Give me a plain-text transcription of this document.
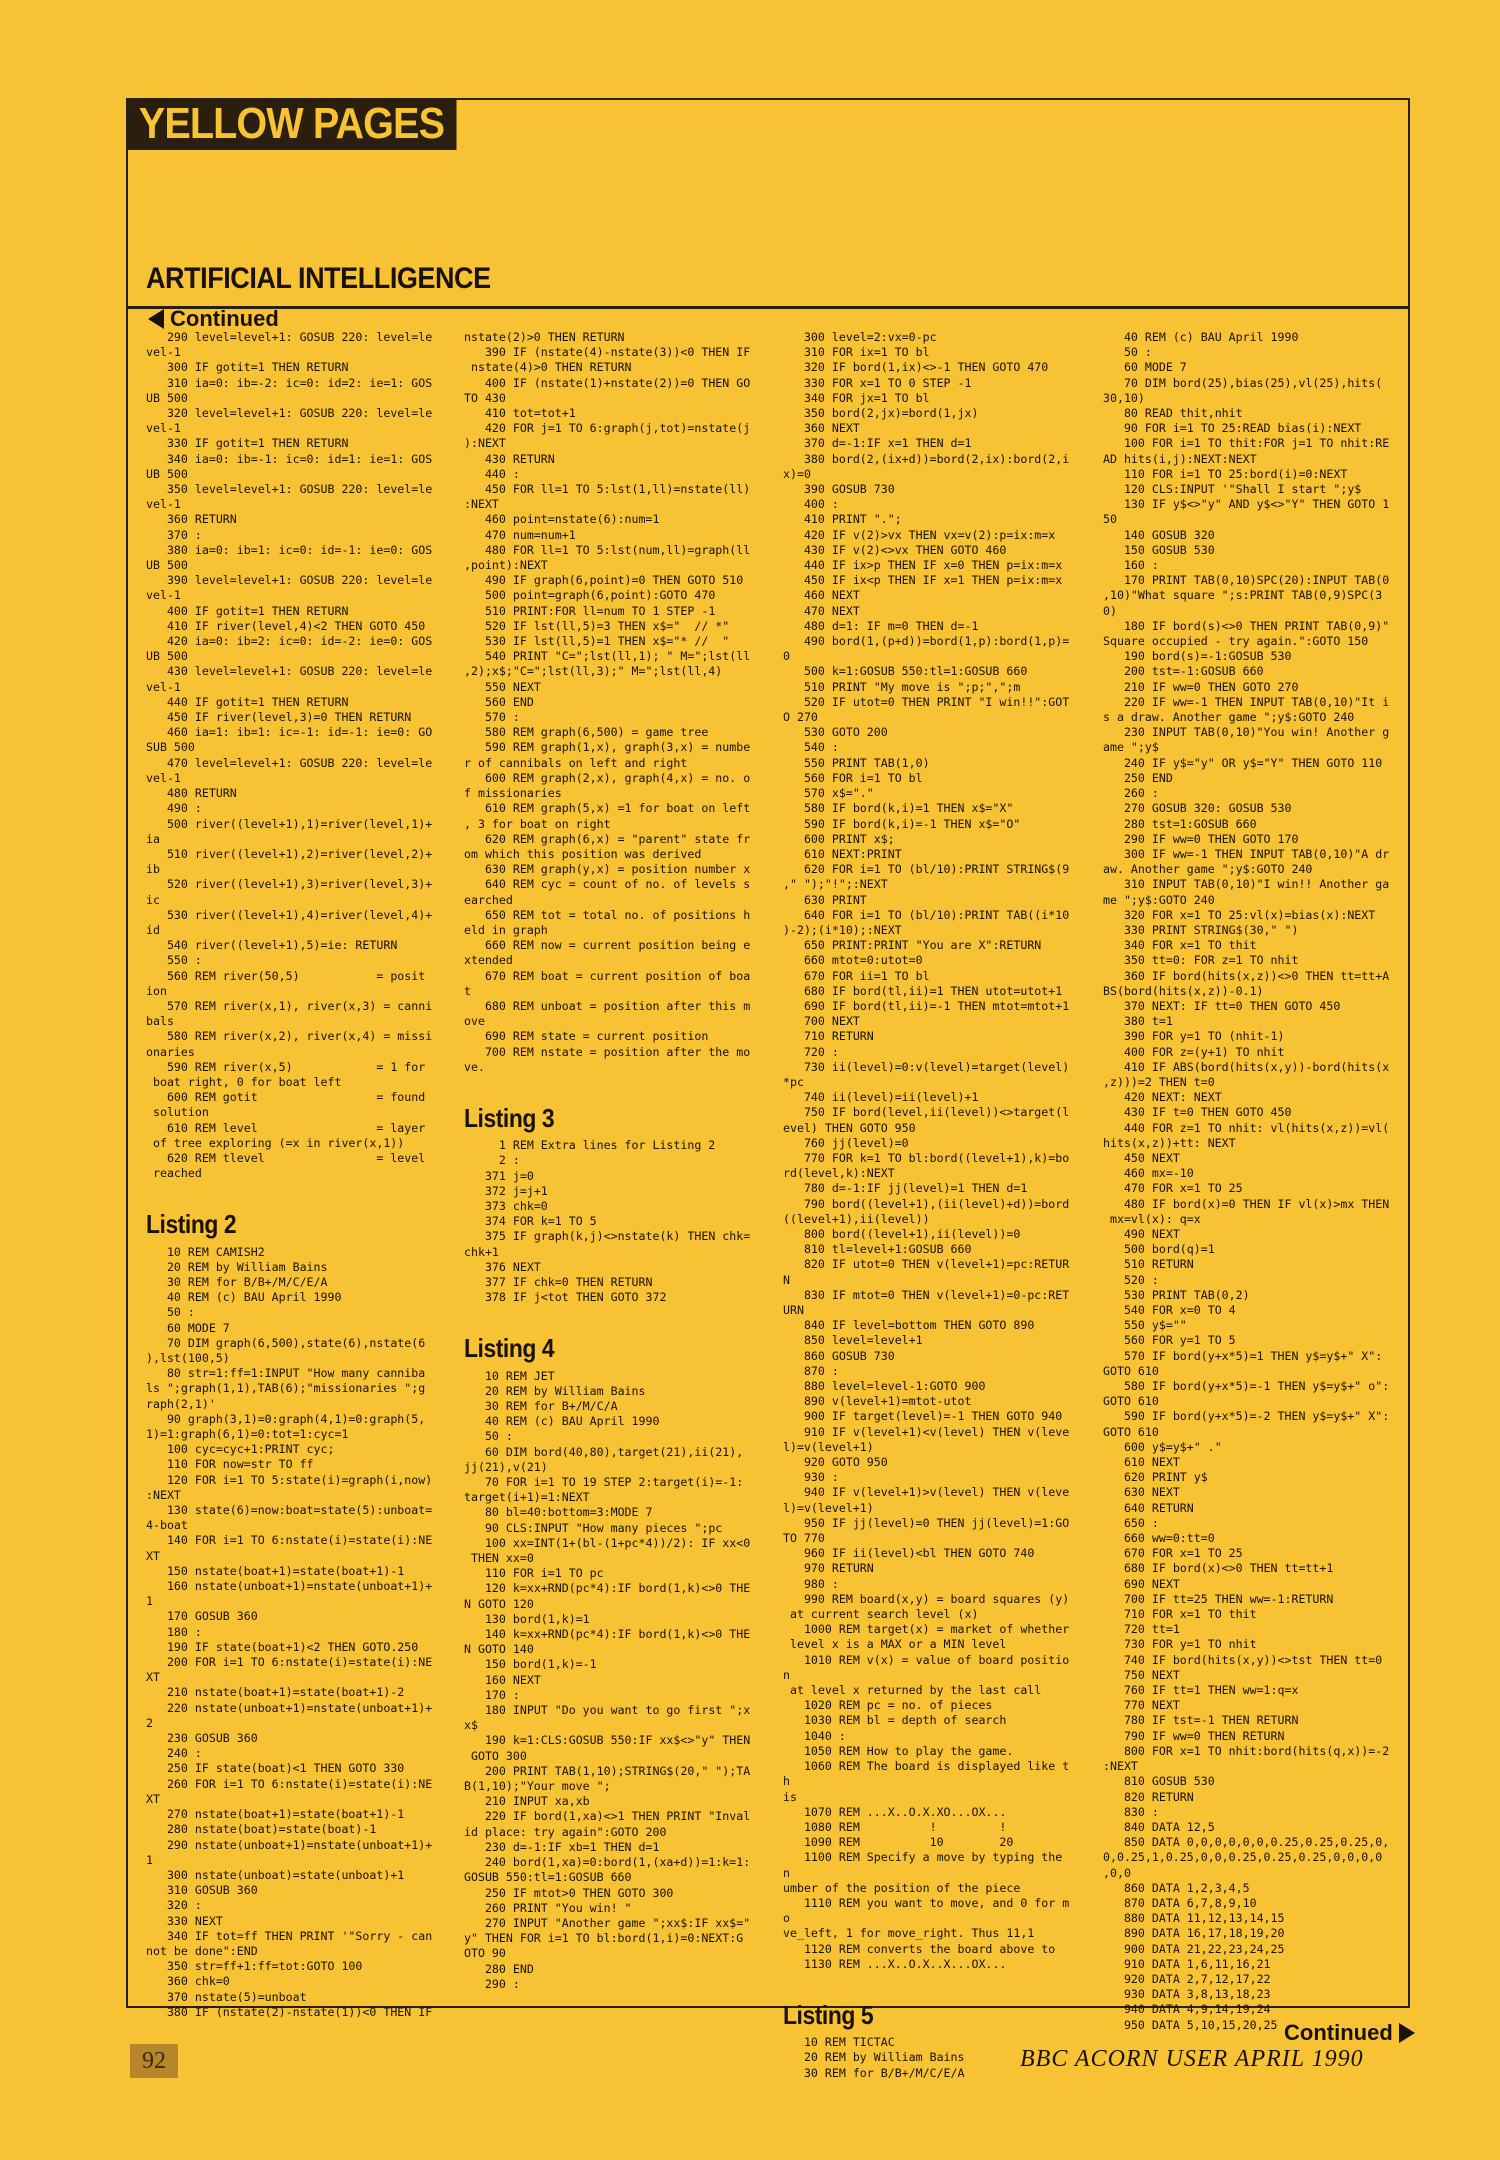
YELLOW PAGES
ARTIFICIAL INTELLIGENCE
Continued
290 level=level+1: GOSUB 220: level=le
vel-1
300 IF gotit=1 THEN RETURN
310 ia=0: ib=-2: ic=0: id=2: ie=1: GOS
UB 500
320 level=level+1: GOSUB 220: level=le
vel-1
330 IF gotit=1 THEN RETURN
340 ia=0: ib=-1: ic=0: id=1: ie=1: GOS
UB 500
350 level=level+1: GOSUB 220: level=le
vel-1
360 RETURN
370 :
380 ia=0: ib=1: ic=0: id=-1: ie=0: GOS
UB 500
390 level=level+1: GOSUB 220: level=le
vel-1
400 IF gotit=1 THEN RETURN
410 IF river(level,4)<2 THEN GOTO 450
420 ia=0: ib=2: ic=0: id=-2: ie=0: GOS
UB 500
430 level=level+1: GOSUB 220: level=le
vel-1
440 IF gotit=1 THEN RETURN
450 IF river(level,3)=0 THEN RETURN
460 ia=1: ib=1: ic=-1: id=-1: ie=0: GO
SUB 500
470 level=level+1: GOSUB 220: level=le
vel-1
480 RETURN
490 :
500 river((level+1),1)=river(level,1)+
ia
510 river((level+1),2)=river(level,2)+
ib
520 river((level+1),3)=river(level,3)+
ic
530 river((level+1),4)=river(level,4)+
id
540 river((level+1),5)=ie: RETURN
550 :
560 REM river(50,5)           = posit
ion
570 REM river(x,1), river(x,3) = canni
bals
580 REM river(x,2), river(x,4) = missi
onaries
590 REM river(x,5)            = 1 for
boat right, 0 for boat left
600 REM gotit                 = found
solution
610 REM level                 = layer
of tree exploring (=x in river(x,1))
620 REM tlevel                = level
reached
Listing 2
10 REM CAMISH2
20 REM by William Bains
30 REM for B/B+/M/C/E/A
40 REM (c) BAU April 1990
50 :
60 MODE 7
70 DIM graph(6,500),state(6),nstate(6
),lst(100,5)
80 str=1:ff=1:INPUT "How many canniba
ls ";graph(1,1),TAB(6);"missionaries ";g
raph(2,1)'
90 graph(3,1)=0:graph(4,1)=0:graph(5,
1)=1:graph(6,1)=0:tot=1:cyc=1
100 cyc=cyc+1:PRINT cyc;
110 FOR now=str TO ff
120 FOR i=1 TO 5:state(i)=graph(i,now)
:NEXT
130 state(6)=now:boat=state(5):unboat=
4-boat
140 FOR i=1 TO 6:nstate(i)=state(i):NE
XT
150 nstate(boat+1)=state(boat+1)-1
160 nstate(unboat+1)=nstate(unboat+1)+
1
170 GOSUB 360
180 :
190 IF state(boat+1)<2 THEN GOTO.250
200 FOR i=1 TO 6:nstate(i)=state(i):NE
XT
210 nstate(boat+1)=state(boat+1)-2
220 nstate(unboat+1)=nstate(unboat+1)+2
230 GOSUB 360
240 :
250 IF state(boat)<1 THEN GOTO 330
260 FOR i=1 TO 6:nstate(i)=state(i):NE
XT
270 nstate(boat+1)=state(boat+1)-1
280 nstate(boat)=state(boat)-1
290 nstate(unboat+1)=nstate(unboat+1)+1
300 nstate(unboat)=state(unboat)+1
310 GOSUB 360
320 :
330 NEXT
340 IF tot=ff THEN PRINT '"Sorry - can
not be done":END
350 str=ff+1:ff=tot:GOTO 100
360 chk=0
370 nstate(5)=unboat
380 IF (nstate(2)-nstate(1))<0 THEN IF
nstate(2)>0 THEN RETURN
390 IF (nstate(4)-nstate(3))<0 THEN IF
nstate(4)>0 THEN RETURN
400 IF (nstate(1)+nstate(2))=0 THEN GO
TO 430
410 tot=tot+1
420 FOR j=1 TO 6:graph(j,tot)=nstate(j
):NEXT
430 RETURN
440 :
450 FOR ll=1 TO 5:lst(1,ll)=nstate(ll)
:NEXT
460 point=nstate(6):num=1
470 num=num+1
480 FOR ll=1 TO 5:lst(num,ll)=graph(ll
,point):NEXT
490 IF graph(6,point)=0 THEN GOTO 510
500 point=graph(6,point):GOTO 470
510 PRINT:FOR ll=num TO 1 STEP -1
520 IF lst(ll,5)=3 THEN x$="  // *"
530 IF lst(ll,5)=1 THEN x$="* //  "
540 PRINT "C=";lst(ll,1); " M=";lst(ll
,2);x$;"C=";lst(ll,3);" M=";lst(ll,4)
550 NEXT
560 END
570 :
580 REM graph(6,500) = game tree
590 REM graph(1,x), graph(3,x) = numbe
r of cannibals on left and right
600 REM graph(2,x), graph(4,x) = no. o
f missionaries
610 REM graph(5,x) =1 for boat on left
, 3 for boat on right
620 REM graph(6,x) = "parent" state fr
om which this position was derived
630 REM graph(y,x) = position number x
640 REM cyc = count of no. of levels s
earched
650 REM tot = total no. of positions h
eld in graph
660 REM now = current position being e
xtended
670 REM boat = current position of boa
t
680 REM unboat = position after this m
ove
690 REM state = current position
700 REM nstate = position after the mo
ve.
Listing 3
1 REM Extra lines for Listing 2
2 :
371 j=0
372 j=j+1
373 chk=0
374 FOR k=1 TO 5
375 IF graph(k,j)<>nstate(k) THEN chk=
chk+1
376 NEXT
377 IF chk=0 THEN RETURN
378 IF j<tot THEN GOTO 372
Listing 4
10 REM JET
20 REM by William Bains
30 REM for B+/M/C/A
40 REM (c) BAU April 1990
50 :
60 DIM bord(40,80),target(21),ii(21),
jj(21),v(21)
70 FOR i=1 TO 19 STEP 2:target(i)=-1:
target(i+1)=1:NEXT
80 bl=40:bottom=3:MODE 7
90 CLS:INPUT "How many pieces ";pc
100 xx=INT(1+(bl-(1+pc*4))/2): IF xx<0
THEN xx=0
110 FOR i=1 TO pc
120 k=xx+RND(pc*4):IF bord(1,k)<>0 THE
N GOTO 120
130 bord(1,k)=1
140 k=xx+RND(pc*4):IF bord(1,k)<>0 THE
N GOTO 140
150 bord(1,k)=-1
160 NEXT
170 :
180 INPUT "Do you want to go first ";x
x$
190 k=1:CLS:GOSUB 550:IF xx$<>"y" THEN
GOTO 300
200 PRINT TAB(1,10);STRING$(20," ");TA
B(1,10);"Your move ";
210 INPUT xa,xb
220 IF bord(1,xa)<>1 THEN PRINT "Inval
id place: try again":GOTO 200
230 d=-1:IF xb=1 THEN d=1
240 bord(1,xa)=0:bord(1,(xa+d))=1:k=1:
GOSUB 550:tl=1:GOSUB 660
250 IF mtot>0 THEN GOTO 300
260 PRINT "You win! "
270 INPUT "Another game ";xx$:IF xx$="
y" THEN FOR i=1 TO bl:bord(1,i)=0:NEXT:G
OTO 90
280 END
290 :
300 level=2:vx=0-pc
310 FOR ix=1 TO bl
320 IF bord(1,ix)<>-1 THEN GOTO 470
330 FOR x=1 TO 0 STEP -1
340 FOR jx=1 TO bl
350 bord(2,jx)=bord(1,jx)
360 NEXT
370 d=-1:IF x=1 THEN d=1
380 bord(2,(ix+d))=bord(2,ix):bord(2,i
x)=0
390 GOSUB 730
400 :
410 PRINT ".";
420 IF v(2)>vx THEN vx=v(2):p=ix:m=x
430 IF v(2)<>vx THEN GOTO 460
440 IF ix>p THEN IF x=0 THEN p=ix:m=x
450 IF ix<p THEN IF x=1 THEN p=ix:m=x
460 NEXT
470 NEXT
480 d=1: IF m=0 THEN d=-1
490 bord(1,(p+d))=bord(1,p):bord(1,p)=
0
500 k=1:GOSUB 550:tl=1:GOSUB 660
510 PRINT "My move is ";p;",";m
520 IF utot=0 THEN PRINT "I win!!":GOT
O 270
530 GOTO 200
540 :
550 PRINT TAB(1,0)
560 FOR i=1 TO bl
570 x$="."
580 IF bord(k,i)=1 THEN x$="X"
590 IF bord(k,i)=-1 THEN x$="O"
600 PRINT x$;
610 NEXT:PRINT
620 FOR i=1 TO (bl/10):PRINT STRING$(9
," ");"!";:NEXT
630 PRINT
640 FOR i=1 TO (bl/10):PRINT TAB((i*10
)-2);(i*10);:NEXT
650 PRINT:PRINT "You are X":RETURN
660 mtot=0:utot=0
670 FOR ii=1 TO bl
680 IF bord(tl,ii)=1 THEN utot=utot+1
690 IF bord(tl,ii)=-1 THEN mtot=mtot+1
700 NEXT
710 RETURN
720 :
730 ii(level)=0:v(level)=target(level)
*pc
740 ii(level)=ii(level)+1
750 IF bord(level,ii(level))<>target(l
evel) THEN GOTO 950
760 jj(level)=0
770 FOR k=1 TO bl:bord((level+1),k)=bo
rd(level,k):NEXT
780 d=-1:IF jj(level)=1 THEN d=1
790 bord((level+1),(ii(level)+d))=bord
((level+1),ii(level))
800 bord((level+1),ii(level))=0
810 tl=level+1:GOSUB 660
820 IF utot=0 THEN v(level+1)=pc:RETUR
N
830 IF mtot=0 THEN v(level+1)=0-pc:RET
URN
840 IF level=bottom THEN GOTO 890
850 level=level+1
860 GOSUB 730
870 :
880 level=level-1:GOTO 900
890 v(level+1)=mtot-utot
900 IF target(level)=-1 THEN GOTO 940
910 IF v(level+1)<v(level) THEN v(leve
l)=v(level+1)
920 GOTO 950
930 :
940 IF v(level+1)>v(level) THEN v(leve
l)=v(level+1)
950 IF jj(level)=0 THEN jj(level)=1:GO
TO 770
960 IF ii(level)<bl THEN GOTO 740
970 RETURN
980 :
990 REM board(x,y) = board squares (y)
at current search level (x)
1000 REM target(x) = market of whether
level x is a MAX or a MIN level
1010 REM v(x) = value of board position
at level x returned by the last call
1020 REM pc = no. of pieces
1030 REM bl = depth of search
1040 :
1050 REM How to play the game.
1060 REM The board is displayed like th
is
1070 REM ...X..O.X.XO...OX...
1080 REM          !         !
1090 REM          10        20
1100 REM Specify a move by typing the n
umber of the position of the piece
1110 REM you want to move, and 0 for mo
ve_left, 1 for move_right. Thus 11,1
1120 REM converts the board above to
1130 REM ...X..O.X..X...OX...
Listing 5
10 REM TICTAC
20 REM by William Bains
30 REM for B/B+/M/C/E/A
40 REM (c) BAU April 1990
50 :
60 MODE 7
70 DIM bord(25),bias(25),vl(25),hits(
30,10)
80 READ thit,nhit
90 FOR i=1 TO 25:READ bias(i):NEXT
100 FOR i=1 TO thit:FOR j=1 TO nhit:RE
AD hits(i,j):NEXT:NEXT
110 FOR i=1 TO 25:bord(i)=0:NEXT
120 CLS:INPUT '"Shall I start ";y$
130 IF y$<>"y" AND y$<>"Y" THEN GOTO 1
50
140 GOSUB 320
150 GOSUB 530
160 :
170 PRINT TAB(0,10)SPC(20):INPUT TAB(0
,10)"What square ";s:PRINT TAB(0,9)SPC(3
0)
180 IF bord(s)<>0 THEN PRINT TAB(0,9)"
Square occupied - try again.":GOTO 150
190 bord(s)=-1:GOSUB 530
200 tst=-1:GOSUB 660
210 IF ww=0 THEN GOTO 270
220 IF ww=-1 THEN INPUT TAB(0,10)"It i
s a draw. Another game ";y$:GOTO 240
230 INPUT TAB(0,10)"You win! Another g
ame ";y$
240 IF y$="y" OR y$="Y" THEN GOTO 110
250 END
260 :
270 GOSUB 320: GOSUB 530
280 tst=1:GOSUB 660
290 IF ww=0 THEN GOTO 170
300 IF ww=-1 THEN INPUT TAB(0,10)"A dr
aw. Another game ";y$:GOTO 240
310 INPUT TAB(0,10)"I win!! Another ga
me ";y$:GOTO 240
320 FOR x=1 TO 25:vl(x)=bias(x):NEXT
330 PRINT STRING$(30," ")
340 FOR x=1 TO thit
350 tt=0: FOR z=1 TO nhit
360 IF bord(hits(x,z))<>0 THEN tt=tt+A
BS(bord(hits(x,z))-0.1)
370 NEXT: IF tt=0 THEN GOTO 450
380 t=1
390 FOR y=1 TO (nhit-1)
400 FOR z=(y+1) TO nhit
410 IF ABS(bord(hits(x,y))-bord(hits(x
,z)))=2 THEN t=0
420 NEXT: NEXT
430 IF t=0 THEN GOTO 450
440 FOR z=1 TO nhit: vl(hits(x,z))=vl(
hits(x,z))+tt: NEXT
450 NEXT
460 mx=-10
470 FOR x=1 TO 25
480 IF bord(x)=0 THEN IF vl(x)>mx THEN
mx=vl(x): q=x
490 NEXT
500 bord(q)=1
510 RETURN
520 :
530 PRINT TAB(0,2)
540 FOR x=0 TO 4
550 y$=""
560 FOR y=1 TO 5
570 IF bord(y+x*5)=1 THEN y$=y$+" X":
GOTO 610
580 IF bord(y+x*5)=-1 THEN y$=y$+" o":
GOTO 610
590 IF bord(y+x*5)=-2 THEN y$=y$+" X":
GOTO 610
600 y$=y$+" ."
610 NEXT
620 PRINT y$
630 NEXT
640 RETURN
650 :
660 ww=0:tt=0
670 FOR x=1 TO 25
680 IF bord(x)<>0 THEN tt=tt+1
690 NEXT
700 IF tt=25 THEN ww=-1:RETURN
710 FOR x=1 TO thit
720 tt=1
730 FOR y=1 TO nhit
740 IF bord(hits(x,y))<>tst THEN tt=0
750 NEXT
760 IF tt=1 THEN ww=1:q=x
770 NEXT
780 IF tst=-1 THEN RETURN
790 IF ww=0 THEN RETURN
800 FOR x=1 TO nhit:bord(hits(q,x))=-2
:NEXT
810 GOSUB 530
820 RETURN
830 :
840 DATA 12,5
850 DATA 0,0,0,0,0,0,0.25,0.25,0.25,0,
0,0.25,1,0.25,0,0,0.25,0.25,0.25,0,0,0,0
,0,0
860 DATA 1,2,3,4,5
870 DATA 6,7,8,9,10
880 DATA 11,12,13,14,15
890 DATA 16,17,18,19,20
900 DATA 21,22,23,24,25
910 DATA 1,6,11,16,21
920 DATA 2,7,12,17,22
930 DATA 3,8,13,18,23
940 DATA 4,9,14,19,24
950 DATA 5,10,15,20,25 Continued
92	BBC ACORN USER APRIL 1990
